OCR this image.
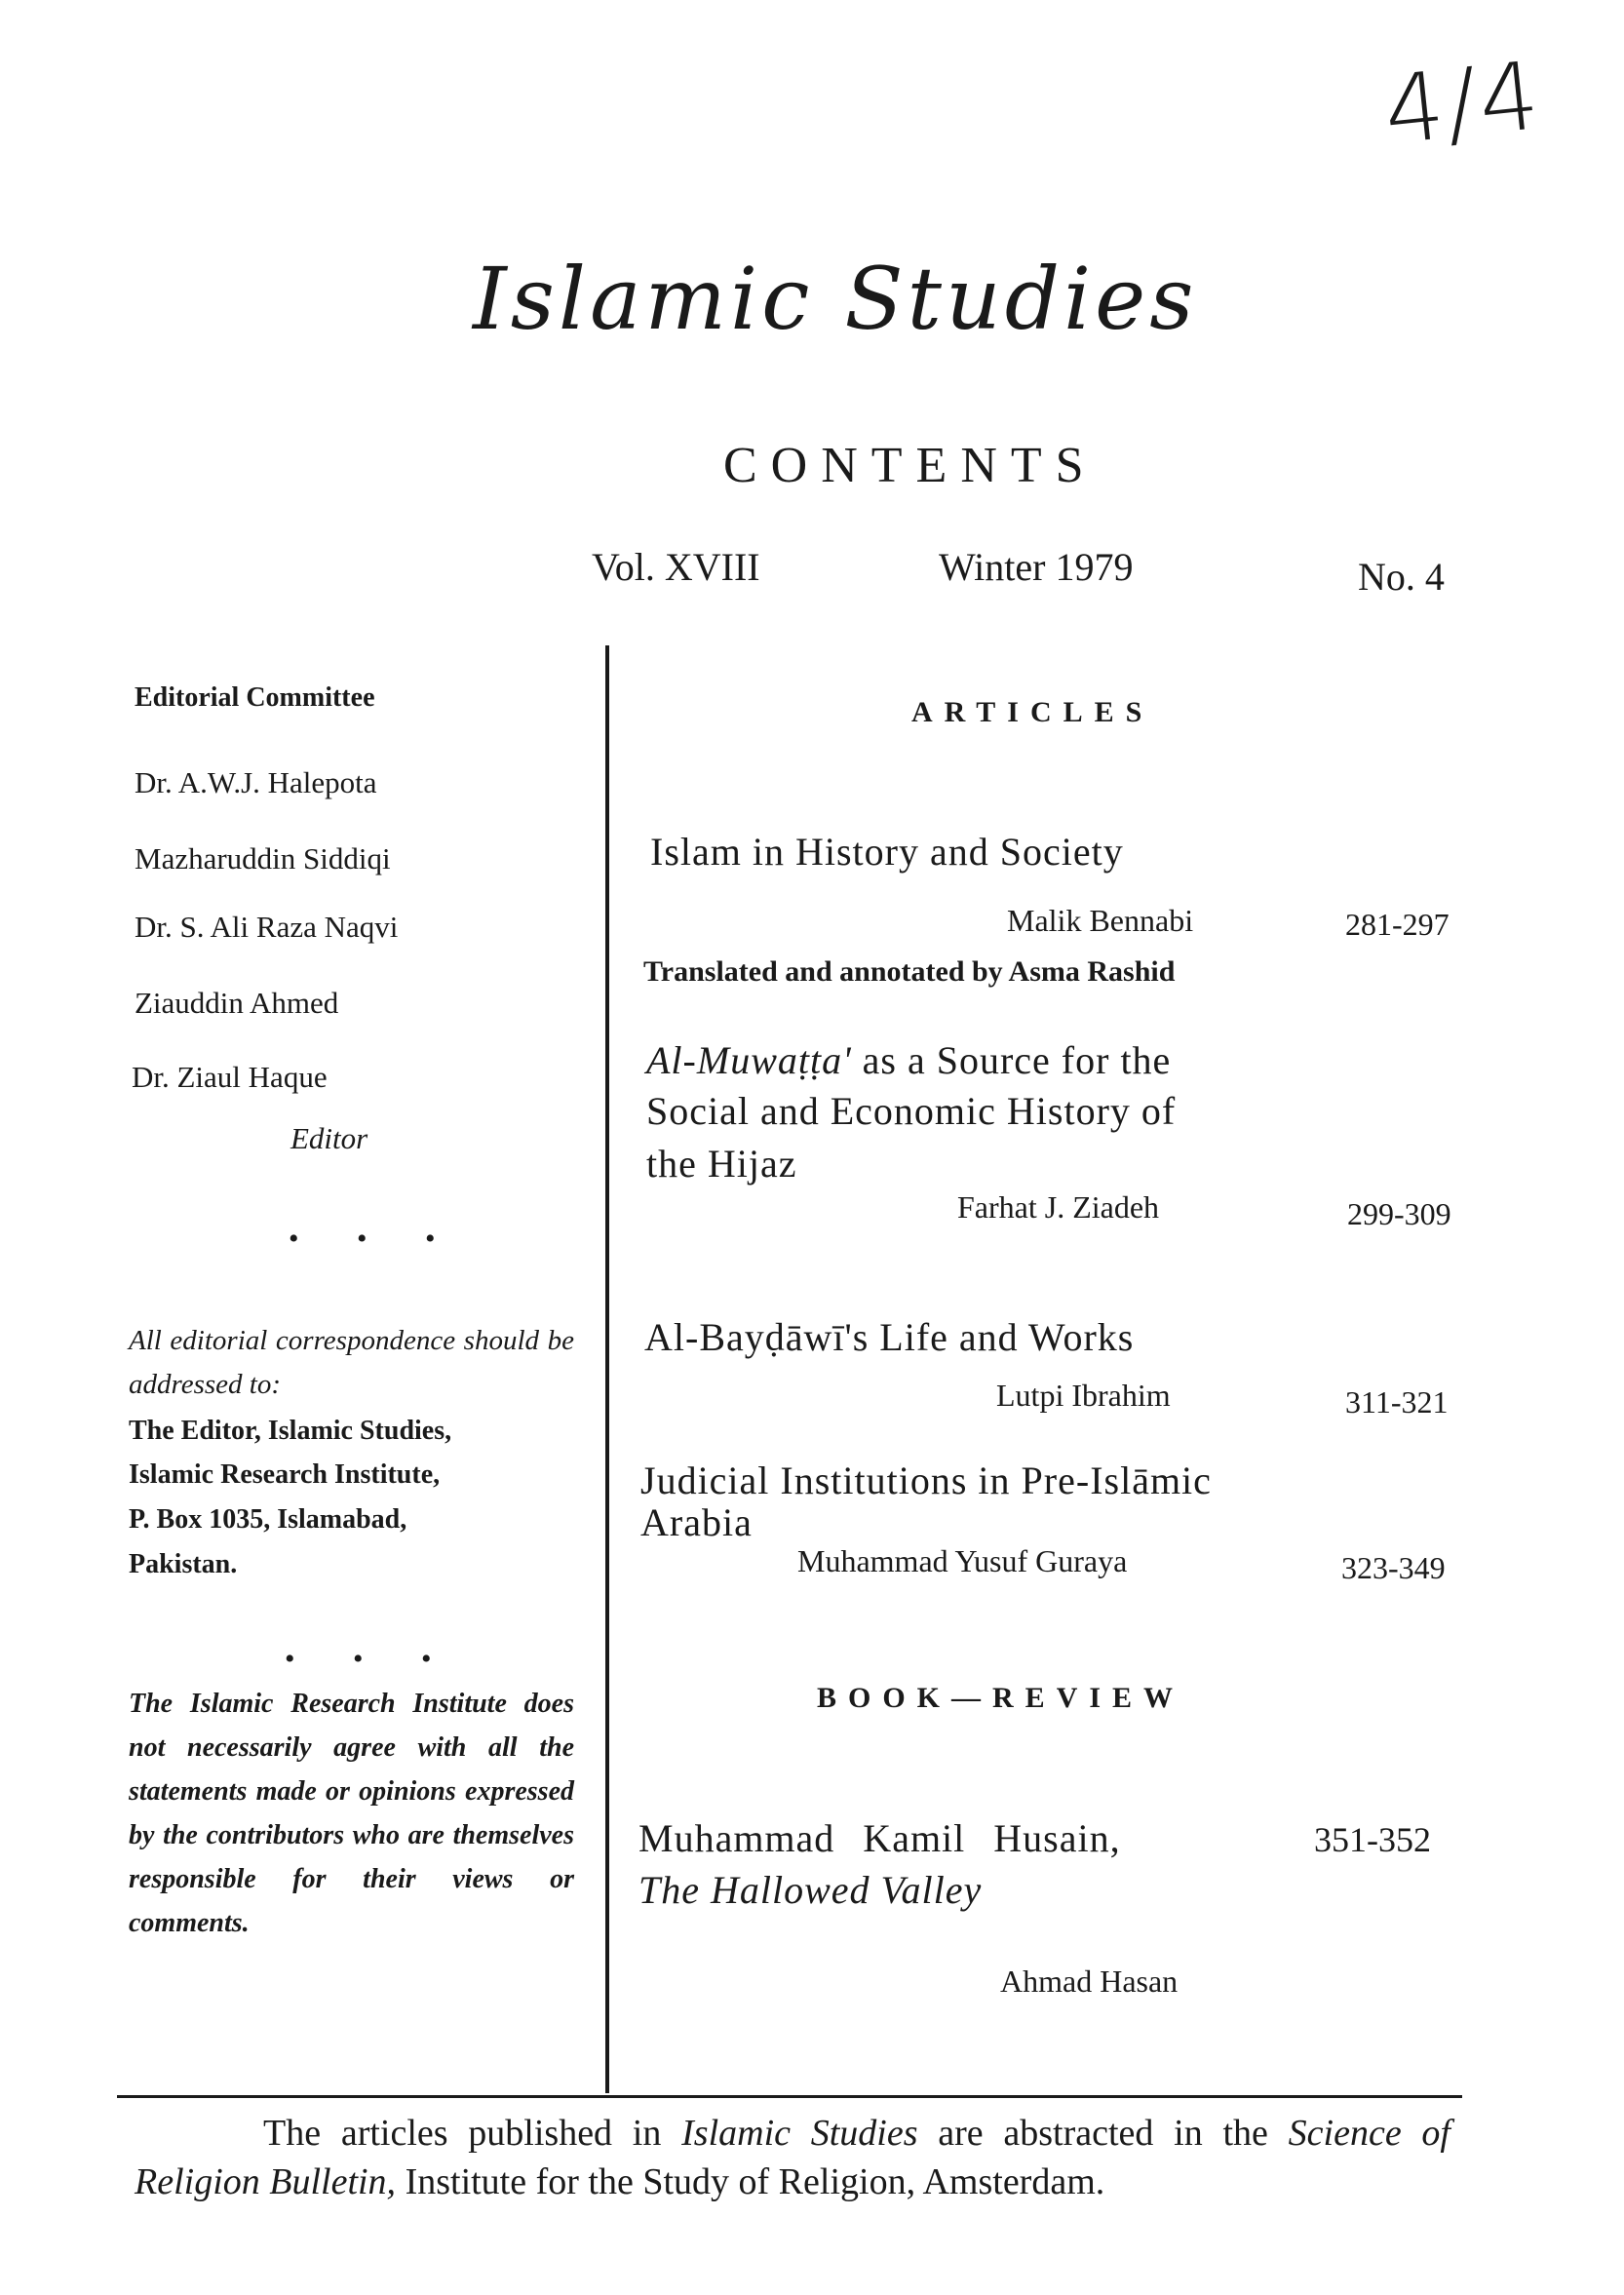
4/4
Islamic Studies
CONTENTS
Vol. XVIII	Winter 1979	No. 4
Editorial Committee
Dr. A.W.J. Halepota
Mazharuddin Siddiqi
Dr. S. Ali Raza Naqvi
Ziauddin Ahmed
Dr. Ziaul Haque
Editor
• • •
All editorial correspondence should be addressed to:
The Editor, Islamic Studies,
Islamic Research Institute,
P. Box 1035, Islamabad,
Pakistan.
• • •
The Islamic Research Institute does not necessarily agree with all the statements made or opinions expressed by the contributors who are themselves responsible for their views or comments.
ARTICLES
Islam in History and Society
Malik Bennabi	281-297
Translated and annotated by Asma Rashid
Al-Muwaṭṭa' as a Source for the
Social and Economic History of
the Hijaz
Farhat J. Ziadeh	299-309
Al-Bayḍāwī's Life and Works
Lutpi Ibrahim	311-321
Judicial Institutions in Pre-Islāmic
Arabia
Muhammad Yusuf Guraya	323-349
BOOK—REVIEW
Muhammad Kamil Husain,	351-352
The Hallowed Valley
Ahmad Hasan
The articles published in Islamic Studies are abstracted in the Science of Religion Bulletin, Institute for the Study of Religion, Amsterdam.
